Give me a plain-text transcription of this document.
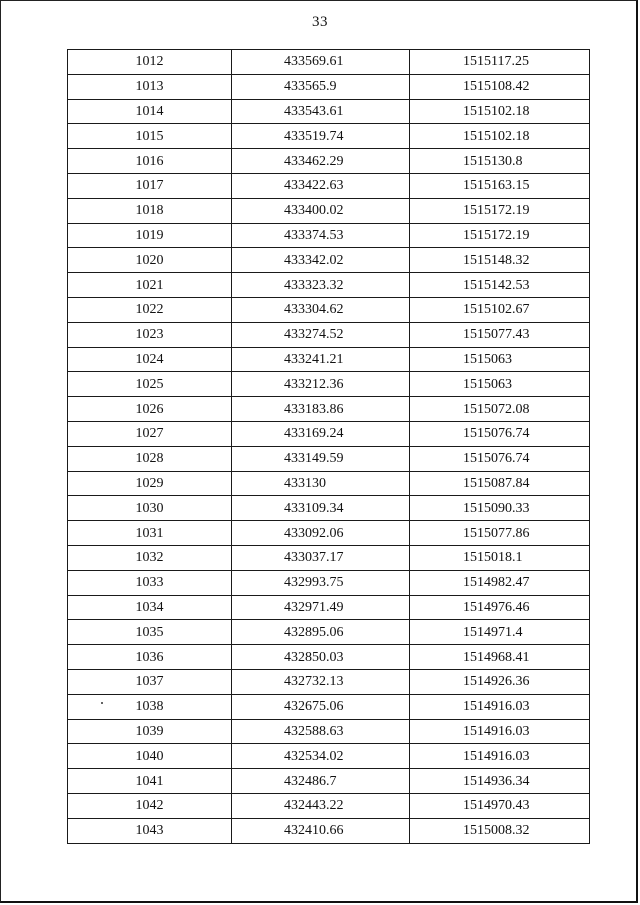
33
1012	433569.61	1515117.25
1013	433565.9	1515108.42
1014	433543.61	1515102.18
1015	433519.74	1515102.18
1016	433462.29	1515130.8
1017	433422.63	1515163.15
1018	433400.02	1515172.19
1019	433374.53	1515172.19
1020	433342.02	1515148.32
1021	433323.32	1515142.53
1022	433304.62	1515102.67
1023	433274.52	1515077.43
1024	433241.21	1515063
1025	433212.36	1515063
1026	433183.86	1515072.08
1027	433169.24	1515076.74
1028	433149.59	1515076.74
1029	433130	1515087.84
1030	433109.34	1515090.33
1031	433092.06	1515077.86
1032	433037.17	1515018.1
1033	432993.75	1514982.47
1034	432971.49	1514976.46
1035	432895.06	1514971.4
1036	432850.03	1514968.41
1037	432732.13	1514926.36
1038	432675.06	1514916.03
1039	432588.63	1514916.03
1040	432534.02	1514916.03
1041	432486.7	1514936.34
1042	432443.22	1514970.43
1043	432410.66	1515008.32
